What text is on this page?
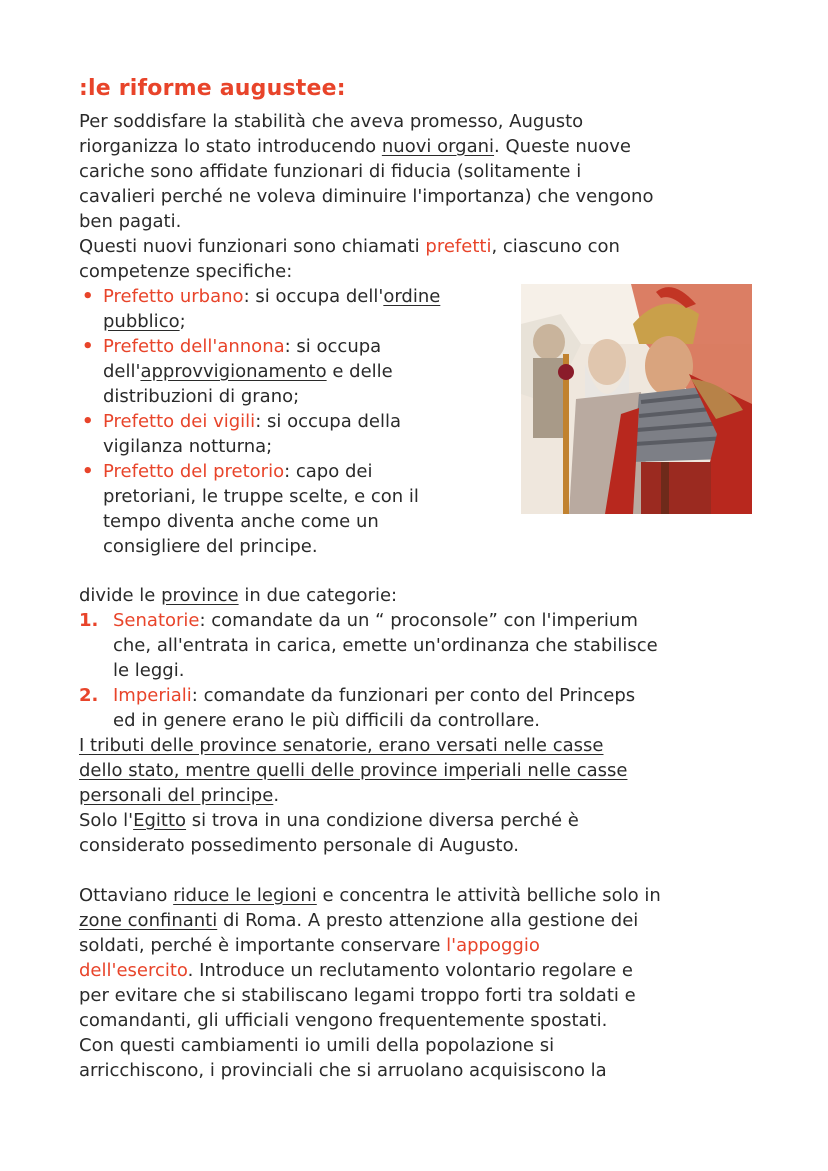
:le riforme augustee:
Per soddisfare la stabilità che aveva promesso, Augusto
riorganizza lo stato introducendo nuovi organi. Queste nuove
cariche sono affidate funzionari di fiducia (solitamente i
cavalieri perché ne voleva diminuire l'importanza) che vengono
ben pagati.
Questi nuovi funzionari sono chiamati prefetti, ciascuno con
competenze specifiche:
• Prefetto urbano: si occupa dell'ordine
pubblico;
• Prefetto dell'annona: si occupa
dell'approvvigionamento e delle
distribuzioni di grano;
• Prefetto dei vigili: si occupa della
vigilanza notturna;
• Prefetto del pretorio: capo dei
pretoriani, le truppe scelte, e con il
tempo diventa anche come un
consigliere del principe.
divide le province in due categorie:
1. Senatorie: comandate da un “ proconsole” con l'imperium
che, all'entrata in carica, emette un'ordinanza che stabilisce
le leggi.
2. Imperiali: comandate da funzionari per conto del Princeps
ed in genere erano le più difficili da controllare.
I tributi delle province senatorie, erano versati nelle casse
dello stato, mentre quelli delle province imperiali nelle casse
personali del principe.
Solo l'Egitto si trova in una condizione diversa perché è
considerato possedimento personale di Augusto.
Ottaviano riduce le legioni e concentra le attività belliche solo in
zone confinanti di Roma. A presto attenzione alla gestione dei
soldati, perché è importante conservare l'appoggio
dell'esercito. Introduce un reclutamento volontario regolare e
per evitare che si stabiliscano legami troppo forti tra soldati e
comandanti, gli ufficiali vengono frequentemente spostati.
Con questi cambiamenti io umili della popolazione si
arricchiscono, i provinciali che si arruolano acquisiscono la
